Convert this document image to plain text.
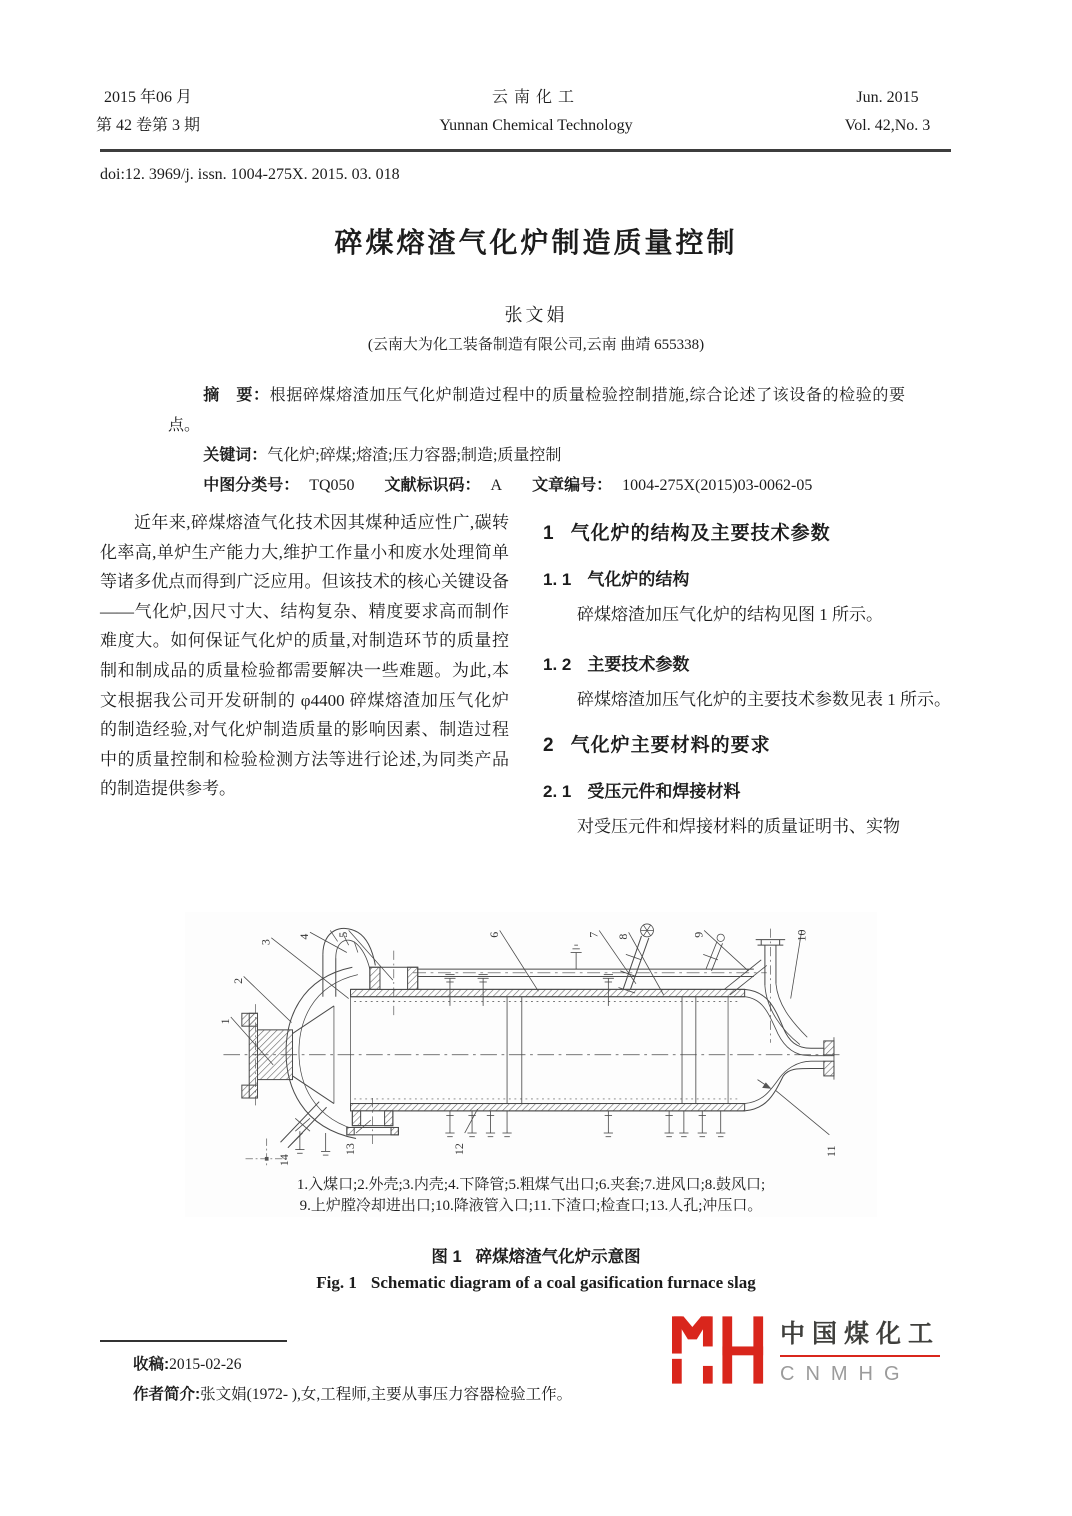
2015 年06 月
第 42 卷第 3 期
云南化工
Yunnan Chemical Technology
Jun. 2015
Vol. 42,No. 3
doi:12. 3969/j. issn. 1004-275X. 2015. 03. 018
碎煤熔渣气化炉制造质量控制
张文娟
(云南大为化工装备制造有限公司,云南 曲靖 655338)

摘　要：根据碎煤熔渣加压气化炉制造过程中的质量检验控制措施,综合论述了该设备的检验的要点。

关键词：气化炉;碎煤;熔渣;压力容器;制造;质量控制

中图分类号： TQ050 文献标识码： A 文章编号： 1004-275X(2015)03-0062-05

近年来,碎煤熔渣气化技术因其煤种适应性广,碳转化率高,单炉生产能力大,维护工作量小和废水处理简单等诸多优点而得到广泛应用。但该技术的核心关键设备——气化炉,因尺寸大、结构复杂、精度要求高而制作难度大。如何保证气化炉的质量,对制造环节的质量控制和制成品的质量检验都需要解决一些难题。为此,本文根据我公司开发研制的 φ4400 碎煤熔渣加压气化炉的制造经验,对气化炉制造质量的影响因素、制造过程中的质量控制和检验检测方法等进行论述,为同类产品的制造提供参考。

1 气化炉的结构及主要技术参数
1. 1 气化炉的结构

碎煤熔渣加压气化炉的结构见图 1 所示。

1. 2 主要技术参数

碎煤熔渣加压气化炉的主要技术参数见表 1 所示。

2 气化炉主要材料的要求
2. 1 受压元件和焊接材料

对受压元件和焊接材料的质量证明书、实物

1
2
3
4 5	6	7 8	9	10
11
12
13
14
1.入煤口;2.外壳;3.内壳;4.下降管;5.粗煤气出口;6.夹套;7.进风口;8.鼓风口;
9.上炉膛冷却进出口;10.降液管入口;11.下渣口;检查口;13.人孔;冲压口。
图 1 碎煤熔渣气化炉示意图
Fig. 1 Schematic diagram of a coal gasification furnace slag
收稿:2015-02-26
作者简介:张文娟(1972- ),女,工程师,主要从事压力容器检验工作。
中国煤化工
CNMHG
